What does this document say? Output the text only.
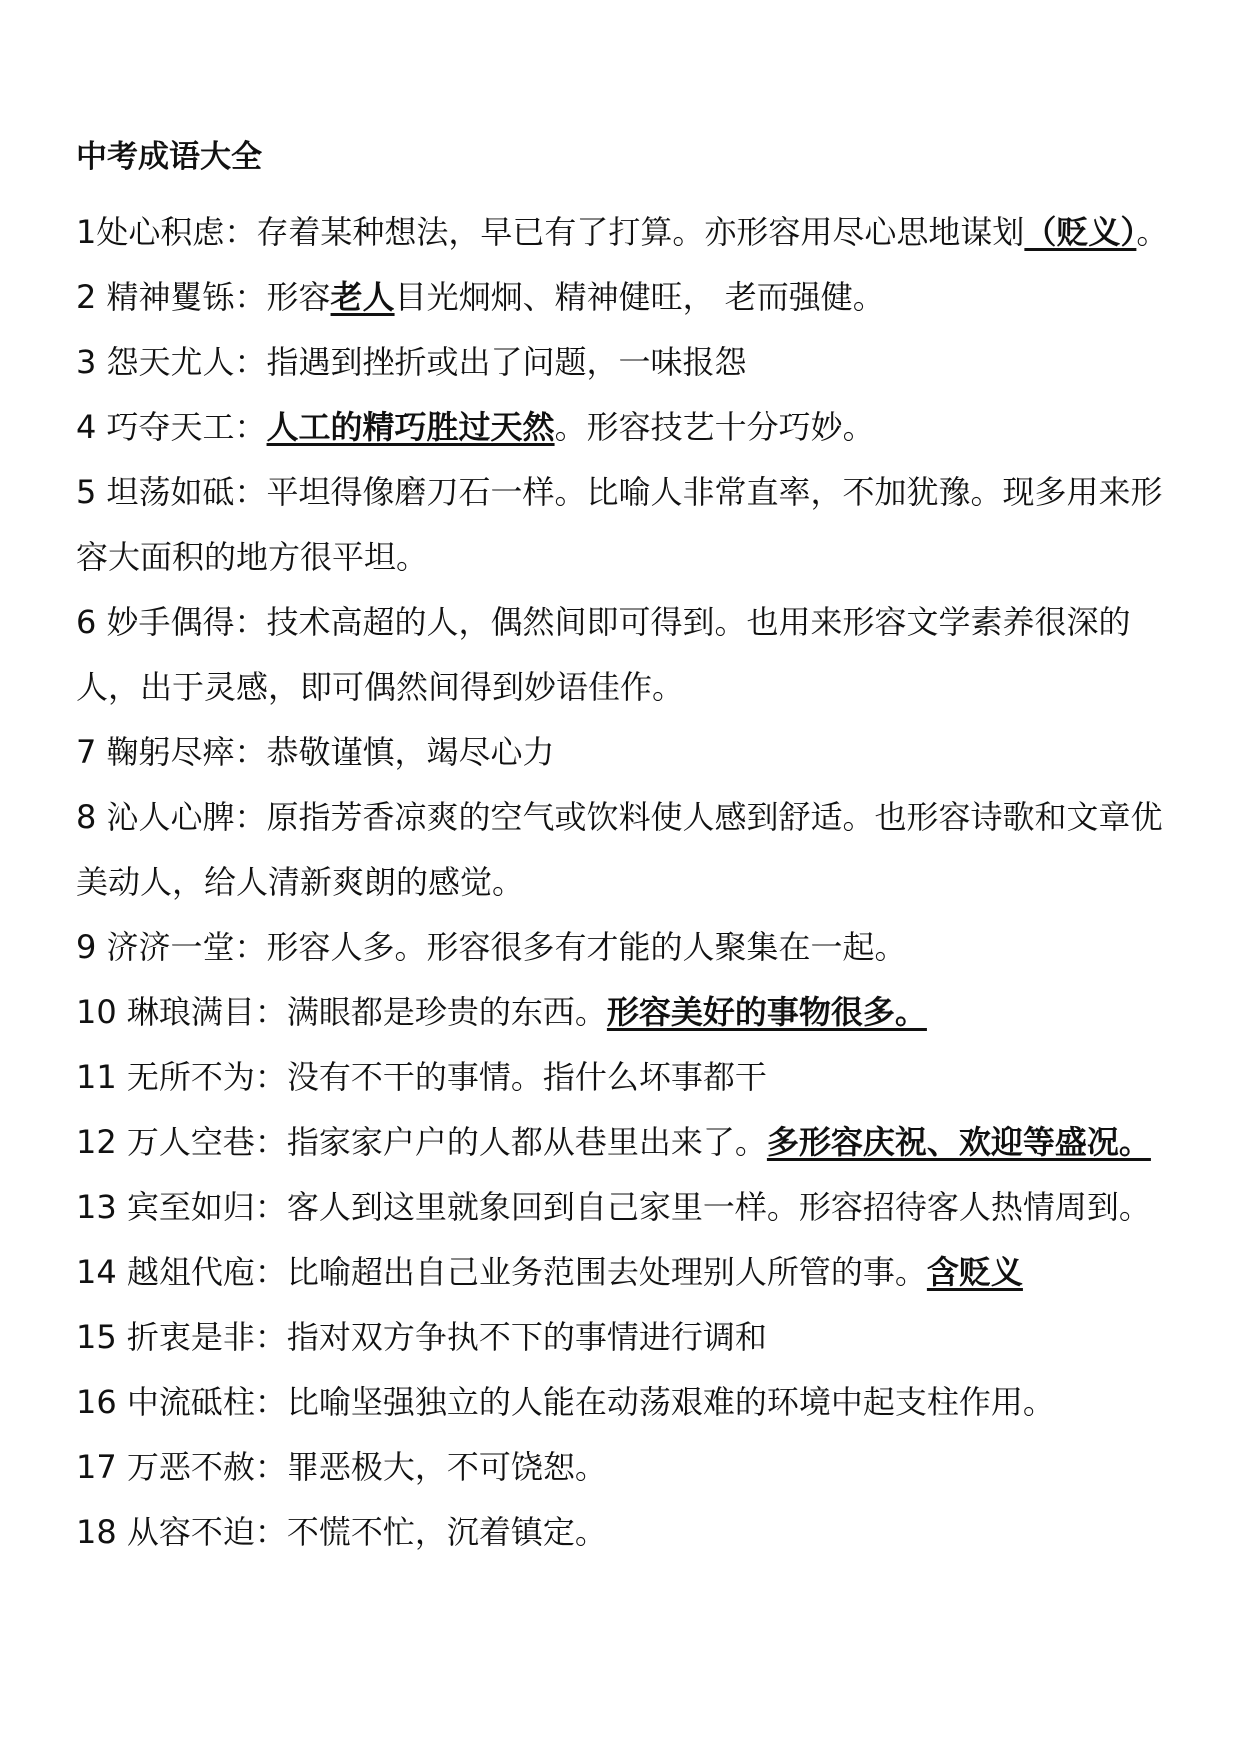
中考成语大全

1处心积虑：存着某种想法，早已有了打算。亦形容用尽心思地谋划（贬义）。

2 精神矍铄：形容老人目光炯炯、精神健旺， 老而强健。

3 怨天尤人：指遇到挫折或出了问题，一味报怨

4 巧夺天工：人工的精巧胜过天然。形容技艺十分巧妙。

5 坦荡如砥：平坦得像磨刀石一样。比喻人非常直率，不加犹豫。现多用来形容大面积的地方很平坦。

6 妙手偶得：技术高超的人，偶然间即可得到。也用来形容文学素养很深的人，出于灵感，即可偶然间得到妙语佳作。

7 鞠躬尽瘁：恭敬谨慎，竭尽心力

8 沁人心脾：原指芳香凉爽的空气或饮料使人感到舒适。也形容诗歌和文章优美动人，给人清新爽朗的感觉。

9 济济一堂：形容人多。形容很多有才能的人聚集在一起。

10 琳琅满目：满眼都是珍贵的东西。形容美好的事物很多。

11 无所不为：没有不干的事情。指什么坏事都干

12 万人空巷：指家家户户的人都从巷里出来了。多形容庆祝、欢迎等盛况。

13 宾至如归：客人到这里就象回到自己家里一样。形容招待客人热情周到。

14 越俎代庖：比喻超出自己业务范围去处理别人所管的事。含贬义

15 折衷是非：指对双方争执不下的事情进行调和

16 中流砥柱：比喻坚强独立的人能在动荡艰难的环境中起支柱作用。

17 万恶不赦：罪恶极大，不可饶恕。

18 从容不迫：不慌不忙，沉着镇定。
